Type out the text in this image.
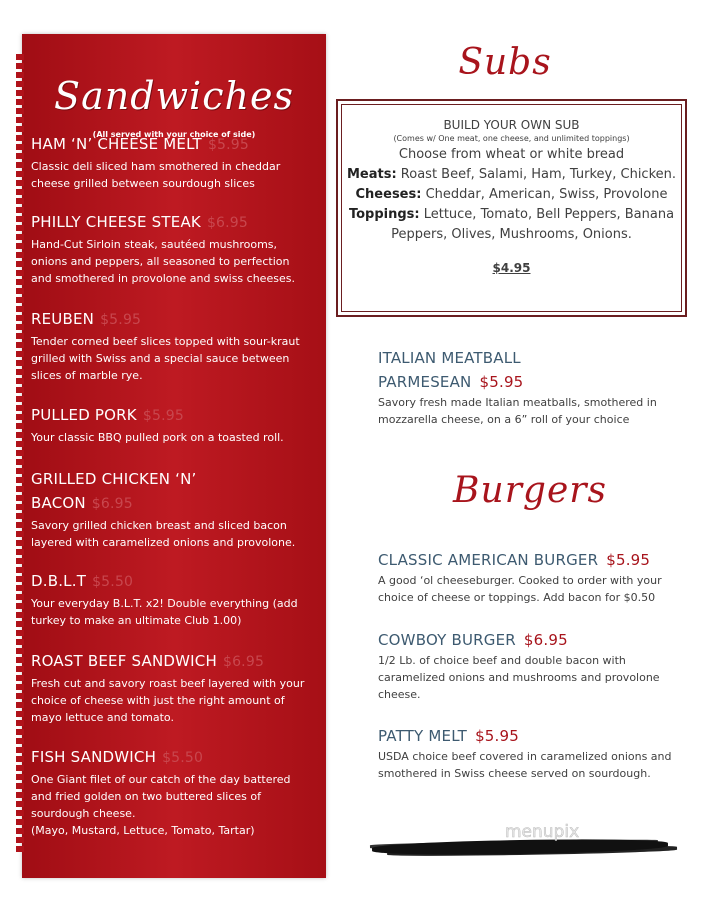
Sandwiches
(All served with your choice of side)
HAM ‘N’ CHEESE MELT $5.95
Classic deli sliced ham smothered in cheddar cheese grilled between sourdough slices
PHILLY CHEESE STEAK $6.95
Hand-Cut Sirloin steak, sautéed mushrooms, onions and peppers, all seasoned to perfection and smothered in provolone and swiss cheeses.
REUBEN $5.95
Tender corned beef slices topped with sour-kraut grilled with Swiss and a special sauce between slices of marble rye.
PULLED PORK $5.95
Your classic BBQ pulled pork on a toasted roll.
GRILLED CHICKEN ‘N’ BACON $6.95
Savory grilled chicken breast and sliced bacon layered with caramelized onions and provolone.
D.B.L.T $5.50
Your everyday B.L.T. x2! Double everything (add turkey to make an ultimate Club 1.00)
ROAST BEEF SANDWICH $6.95
Fresh cut and savory roast beef layered with your choice of cheese with just the right amount of mayo lettuce and tomato.
FISH SANDWICH $5.50
One Giant filet of our catch of the day battered and fried golden on two buttered slices of sourdough cheese.
(Mayo, Mustard, Lettuce, Tomato, Tartar)
Subs
BUILD YOUR OWN SUB
(Comes w/ One meat, one cheese, and unlimited toppings)
Choose from wheat or white bread
Meats: Roast Beef, Salami, Ham, Turkey, Chicken.
Cheeses: Cheddar, American, Swiss, Provolone
Toppings: Lettuce, Tomato, Bell Peppers, Banana Peppers, Olives, Mushrooms, Onions.
$4.95
ITALIAN MEATBALL
PARMESEAN $5.95
Savory fresh made Italian meatballs, smothered in mozzarella cheese, on a 6” roll of your choice
Burgers
CLASSIC AMERICAN BURGER $5.95
A good ‘ol cheeseburger. Cooked to order with your choice of cheese or toppings. Add bacon for $0.50
COWBOY BURGER $6.95
1/2 Lb. of choice beef and double bacon with caramelized onions and mushrooms and provolone cheese.
PATTY MELT $5.95
USDA choice beef covered in caramelized onions and smothered in Swiss cheese served on sourdough.
menupix
